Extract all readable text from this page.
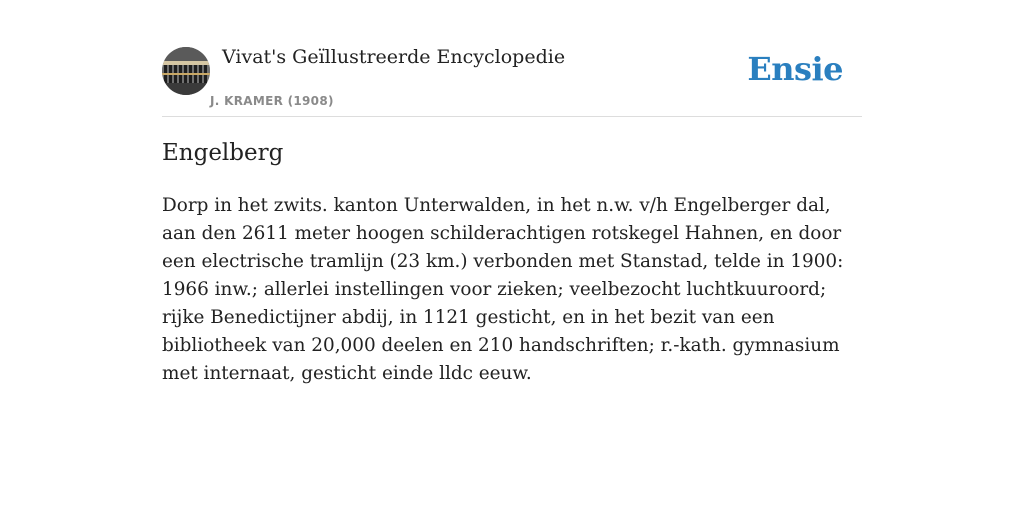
Vivat's Geïllustreerde Encyclopedie
J. KRAMER (1908)
Ensie
Engelberg
Dorp in het zwits. kanton Unterwalden, in het n.w. v/h Engelberger dal, aan den 2611 meter hoogen schilderachtigen rotskegel Hahnen, en door een electrische tramlijn (23 km.) verbonden met Stanstad, telde in 1900: 1966 inw.; allerlei instellingen voor zieken; veelbezocht luchtkuuroord; rijke Benedictijner abdij, in 1121 gesticht, en in het bezit van een bibliotheek van 20,000 deelen en 210 handschriften; r.-kath. gymnasium met internaat, gesticht einde lldc eeuw.
